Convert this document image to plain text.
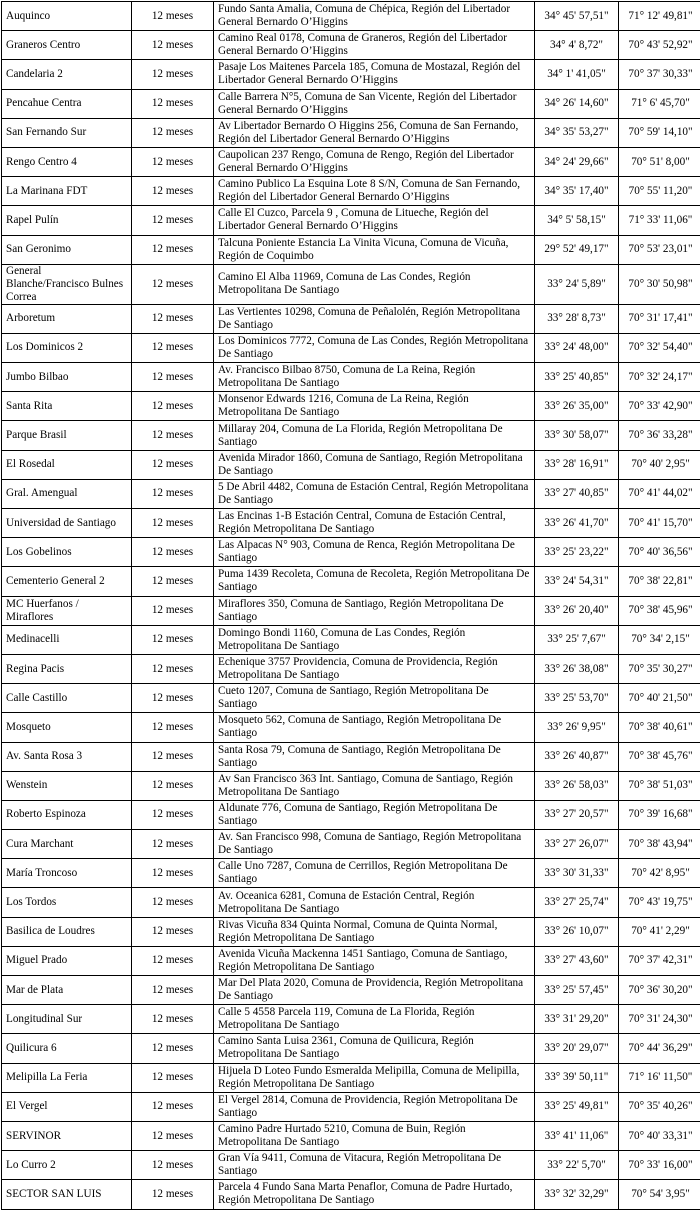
Auquinco	12 meses	Fundo Santa Amalia, Comuna de Chépica, Región del Libertador General Bernardo O’Higgins	34° 45' 57,51"	71° 12' 49,81"
Graneros Centro	12 meses	Camino Real 0178, Comuna de Graneros, Región del Libertador General Bernardo O’Higgins	34° 4' 8,72"	70° 43' 52,92"
Candelaria 2	12 meses	Pasaje Los Maitenes Parcela 185, Comuna de Mostazal, Región del Libertador General Bernardo O’Higgins	34° 1' 41,05"	70° 37' 30,33"
Pencahue Centra	12 meses	Calle Barrera N°5, Comuna de San Vicente, Región del Libertador General Bernardo O’Higgins	34° 26' 14,60"	71° 6' 45,70"
San Fernando Sur	12 meses	Av Libertador Bernardo O Higgins 256, Comuna de San Fernando, Región del Libertador General Bernardo O’Higgins	34° 35' 53,27"	70° 59' 14,10"
Rengo Centro 4	12 meses	Caupolican 237 Rengo, Comuna de Rengo, Región del Libertador General Bernardo O’Higgins	34° 24' 29,66"	70° 51' 8,00"
La Marinana FDT	12 meses	Camino Publico La Esquina Lote 8 S/N, Comuna de San Fernando, Región del Libertador General Bernardo O’Higgins	34° 35' 17,40"	70° 55' 11,20"
Rapel Pulín	12 meses	Calle El Cuzco, Parcela 9 , Comuna de Litueche, Región del Libertador General Bernardo O’Higgins	34° 5' 58,15"	71° 33' 11,06"
San Geronimo	12 meses	Talcuna Poniente Estancia La Vinita Vicuna, Comuna de Vicuña, Región de Coquimbo	29° 52' 49,17"	70° 53' 23,01"
General Blanche/Francisco Bulnes Correa	12 meses	Camino El Alba 11969, Comuna de Las Condes, Región Metropolitana De Santiago	33° 24' 5,89"	70° 30' 50,98"
Arboretum	12 meses	Las Vertientes 10298, Comuna de Peñalolén, Región Metropolitana De Santiago	33° 28' 8,73"	70° 31' 17,41"
Los Dominicos 2	12 meses	Los Dominicos 7772, Comuna de Las Condes, Región Metropolitana De Santiago	33° 24' 48,00"	70° 32' 54,40"
Jumbo Bilbao	12 meses	Av. Francisco Bilbao 8750, Comuna de La Reina, Región Metropolitana De Santiago	33° 25' 40,85"	70° 32' 24,17"
Santa Rita	12 meses	Monsenor Edwards 1216, Comuna de La Reina, Región Metropolitana De Santiago	33° 26' 35,00"	70° 33' 42,90"
Parque Brasil	12 meses	Millaray 204, Comuna de La Florida, Región Metropolitana De Santiago	33° 30' 58,07"	70° 36' 33,28"
El Rosedal	12 meses	Avenida Mirador 1860, Comuna de Santiago, Región Metropolitana De Santiago	33° 28' 16,91"	70° 40' 2,95"
Gral. Amengual	12 meses	5 De Abril 4482, Comuna de Estación Central, Región Metropolitana De Santiago	33° 27' 40,85"	70° 41' 44,02"
Universidad de Santiago	12 meses	Las Encinas 1-B Estación Central, Comuna de Estación Central, Región Metropolitana De Santiago	33° 26' 41,70"	70° 41' 15,70"
Los Gobelinos	12 meses	Las Alpacas N° 903, Comuna de Renca, Región Metropolitana De Santiago	33° 25' 23,22"	70° 40' 36,56"
Cementerio General 2	12 meses	Puma 1439 Recoleta, Comuna de Recoleta, Región Metropolitana De Santiago	33° 24' 54,31"	70° 38' 22,81"
MC Huerfanos / Miraflores	12 meses	Miraflores 350, Comuna de Santiago, Región Metropolitana De Santiago	33° 26' 20,40"	70° 38' 45,96"
Medinacelli	12 meses	Domingo Bondi 1160, Comuna de Las Condes, Región Metropolitana De Santiago	33° 25' 7,67"	70° 34' 2,15"
Regina Pacis	12 meses	Echenique 3757 Providencia, Comuna de Providencia, Región Metropolitana De Santiago	33° 26' 38,08"	70° 35' 30,27"
Calle Castillo	12 meses	Cueto 1207, Comuna de Santiago, Región Metropolitana De Santiago	33° 25' 53,70"	70° 40' 21,50"
Mosqueto	12 meses	Mosqueto 562, Comuna de Santiago, Región Metropolitana De Santiago	33° 26' 9,95"	70° 38' 40,61"
Av. Santa Rosa 3	12 meses	Santa Rosa 79, Comuna de Santiago, Región Metropolitana De Santiago	33° 26' 40,87"	70° 38' 45,76"
Wenstein	12 meses	Av San Francisco 363 Int. Santiago, Comuna de Santiago, Región Metropolitana De Santiago	33° 26' 58,03"	70° 38' 51,03"
Roberto Espinoza	12 meses	Aldunate 776, Comuna de Santiago, Región Metropolitana De Santiago	33° 27' 20,57"	70° 39' 16,68"
Cura Marchant	12 meses	Av. San Francisco 998, Comuna de Santiago, Región Metropolitana De Santiago	33° 27' 26,07"	70° 38' 43,94"
María Troncoso	12 meses	Calle Uno 7287, Comuna de Cerrillos, Región Metropolitana De Santiago	33° 30' 31,33"	70° 42' 8,95"
Los Tordos	12 meses	Av. Oceanica 6281, Comuna de Estación Central, Región Metropolitana De Santiago	33° 27' 25,74"	70° 43' 19,75"
Basilica de Loudres	12 meses	Rivas Vicuña 834 Quinta Normal, Comuna de Quinta Normal, Región Metropolitana De Santiago	33° 26' 10,07"	70° 41' 2,29"
Miguel Prado	12 meses	Avenida Vicuña Mackenna 1451 Santiago, Comuna de Santiago, Región Metropolitana De Santiago	33° 27' 43,60"	70° 37' 42,31"
Mar de Plata	12 meses	Mar Del Plata 2020, Comuna de Providencia, Región Metropolitana De Santiago	33° 25' 57,45"	70° 36' 30,20"
Longitudinal Sur	12 meses	Calle 5 4558 Parcela 119, Comuna de La Florida, Región Metropolitana De Santiago	33° 31' 29,20"	70° 31' 24,30"
Quilicura 6	12 meses	Camino Santa Luisa 2361, Comuna de Quilicura, Región Metropolitana De Santiago	33° 20' 29,07"	70° 44' 36,29"
Melipilla La Feria	12 meses	Hijuela D Loteo Fundo Esmeralda Melipilla, Comuna de Melipilla, Región Metropolitana De Santiago	33° 39' 50,11"	71° 16' 11,50"
El Vergel	12 meses	El Vergel 2814, Comuna de Providencia, Región Metropolitana De Santiago	33° 25' 49,81"	70° 35' 40,26"
SERVINOR	12 meses	Camino Padre Hurtado 5210, Comuna de Buin, Región Metropolitana De Santiago	33° 41' 11,06"	70° 40' 33,31"
Lo Curro 2	12 meses	Gran Vía 9411, Comuna de Vitacura, Región Metropolitana De Santiago	33° 22' 5,70"	70° 33' 16,00"
SECTOR SAN LUIS	12 meses	Parcela 4 Fundo Sana Marta Penaflor, Comuna de Padre Hurtado, Región Metropolitana De Santiago	33° 32' 32,29"	70° 54' 3,95"
